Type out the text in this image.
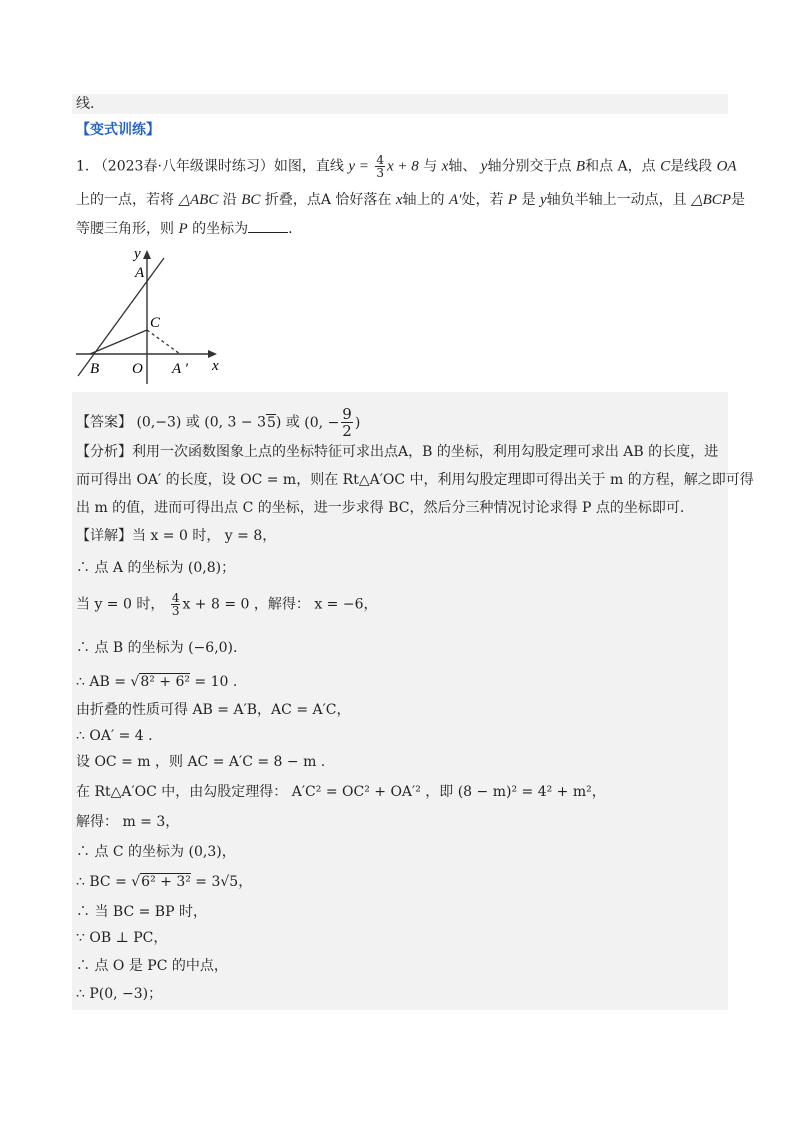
线.
【变式训练】
1. （2023春·八年级课时练习）如图，直线 $y = \frac{4}{3}$ x + 8 与 x轴、 y轴分别交于点 B和点 A，点 C是线段 OA
上的一点，若将 △ABC 沿 BC 折叠，点A 恰好落在 x轴上的 A′处，若 P 是 y轴负半轴上一动点，且 △BCP是
等腰三角形，则 P 的坐标为	.
y
A
C
B O A ′ x
【答案】 (0,−3) 或 (0, 3 − 35) 或 (0, − $\frac{9}{2}$ )
【分析】利用一次函数图象上点的坐标特征可求出点A，B 的坐标，利用勾股定理可求出 AB 的长度，进
而可得出 OA′ 的长度，设 OC = m，则在 Rt△A′OC 中，利用勾股定理即可得出关于 m 的方程，解之即可得
出 m 的值，进而可得出点 C 的坐标，进一步求得 BC，然后分三种情况讨论求得 P 点的坐标即可.
【详解】当 x = 0 时， y = 8，
∴ 点 A 的坐标为 (0,8)；
当 y = 0 时， $\frac{4}{3}$ x + 8 = 0 ，解得： x = −6，
∴ 点 B 的坐标为 (−6,0).
∴ AB = √8² + 6² = 10 .
由折叠的性质可得 AB = A′B，AC = A′C，
∴ OA′ = 4 .
设 OC = m ，则 AC = A′C = 8 − m .
在 Rt△A′OC 中，由勾股定理得： A′C² = OC² + OA′² ，即 (8 − m)² = 4² + m²，
解得： m = 3，
∴ 点 C 的坐标为 (0,3)，
∴ BC = √6² + 3² = 3√5，
∴ 当 BC = BP 时，
∵ OB ⊥ PC，
∴ 点 O 是 PC 的中点，
∴ P(0, −3)；
